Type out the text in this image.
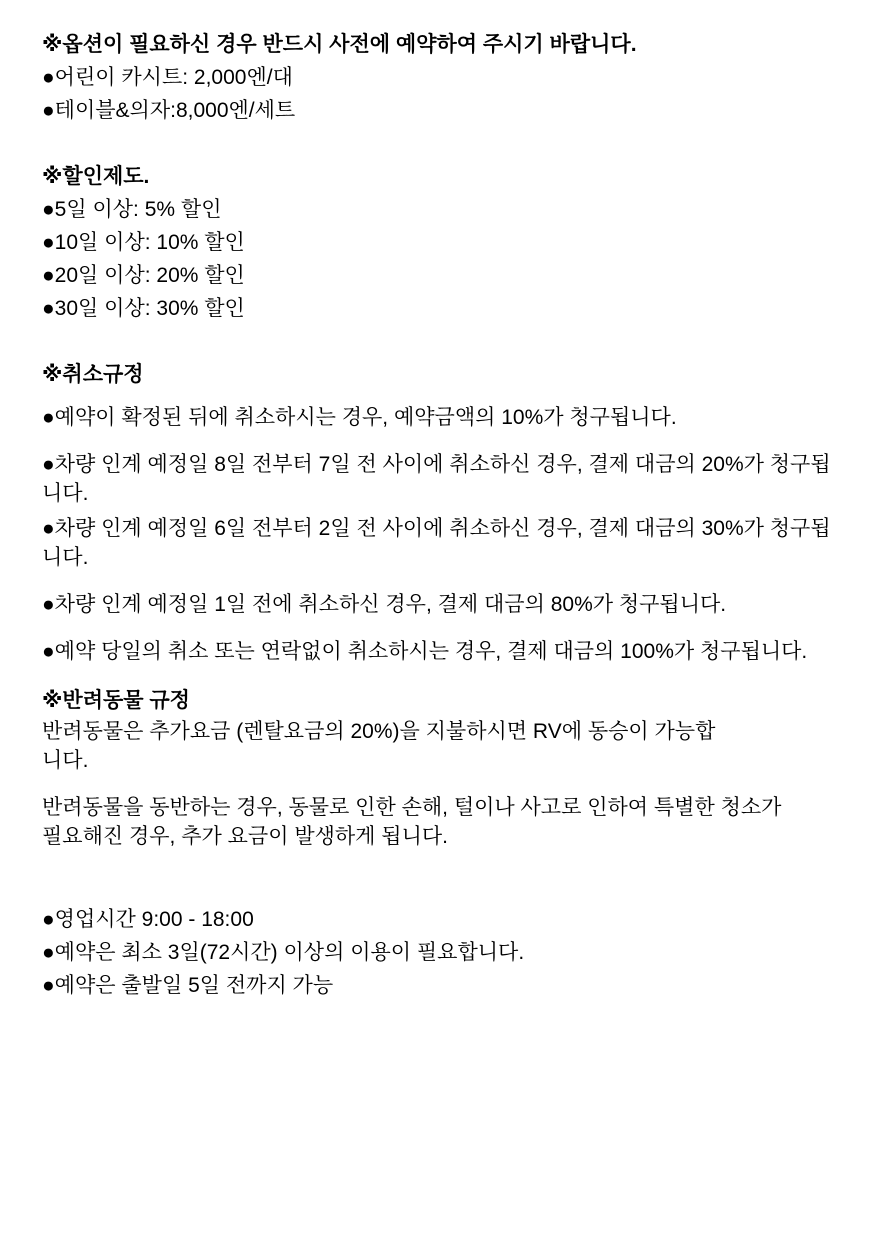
※옵션이 필요하신 경우 반드시 사전에 예약하여 주시기 바랍니다.

●어린이 카시트: 2,000엔/대

●테이블&의자:8,000엔/세트

※할인제도.

●5일 이상: 5% 할인

●10일 이상: 10% 할인

●20일 이상: 20% 할인

●30일 이상: 30% 할인

※취소규정

●예약이 확정된 뒤에 취소하시는 경우, 예약금액의 10%가 청구됩니다.

●차량 인계 예정일 8일 전부터 7일 전 사이에 취소하신 경우, 결제 대금의 20%가 청구됩니다.

●차량 인계 예정일 6일 전부터 2일 전 사이에 취소하신 경우, 결제 대금의 30%가 청구됩니다.

●차량 인계 예정일 1일 전에 취소하신 경우, 결제 대금의 80%가 청구됩니다.

●예약 당일의 취소 또는 연락없이 취소하시는 경우, 결제 대금의 100%가 청구됩니다.

※반려동물 규정

반려동물은 추가요금 (렌탈요금의 20%)을 지불하시면 RV에 동승이 가능합니다.

반려동물을 동반하는 경우, 동물로 인한 손해, 털이나 사고로 인하여 특별한 청소가 필요해진 경우, 추가 요금이 발생하게 됩니다.

●영업시간 9:00 - 18:00

●예약은 최소 3일(72시간) 이상의 이용이 필요합니다.

●예약은 출발일 5일 전까지 가능
